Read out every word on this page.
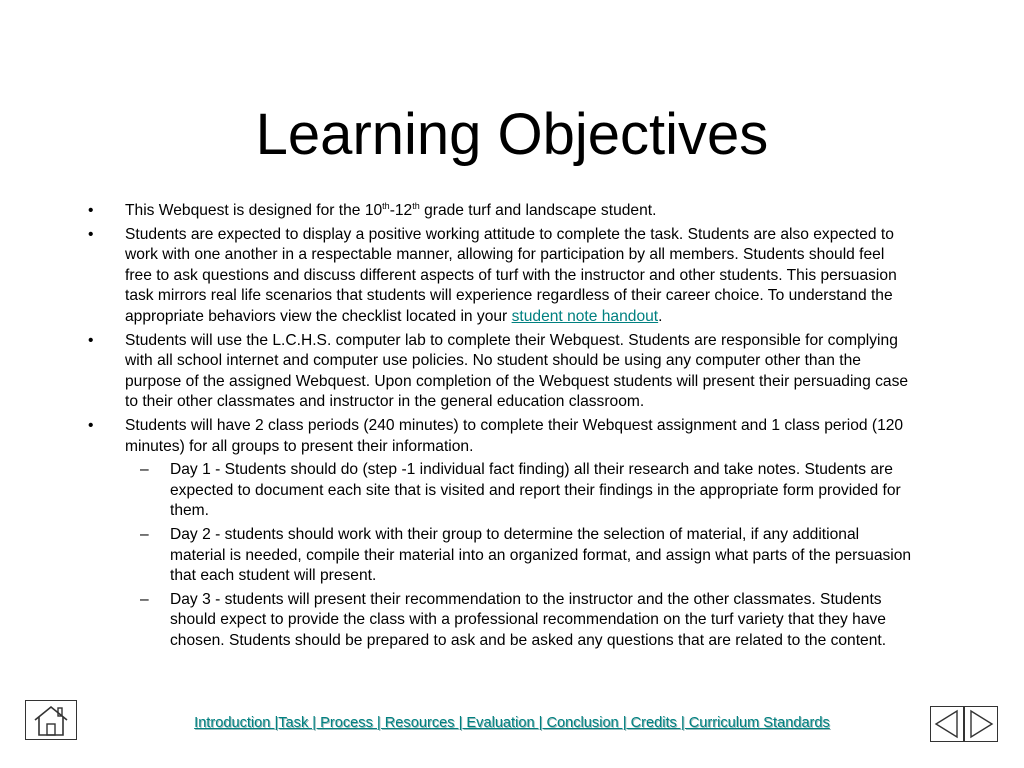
Learning Objectives
• This Webquest is designed for the 10th-12th grade turf and landscape student.
• Students are expected to display a positive working attitude to complete the task. Students are also expected to work with one another in a respectable manner, allowing for participation by all members. Students should feel free to ask questions and discuss different aspects of turf with the instructor and other students. This persuasion task mirrors real life scenarios that students will experience regardless of their career choice. To understand the appropriate behaviors view the checklist located in your student note handout.
• Students will use the L.C.H.S. computer lab to complete their Webquest. Students are responsible for complying with all school internet and computer use policies. No student should be using any computer other than the purpose of the assigned Webquest. Upon completion of the Webquest students will present their persuading case to their other classmates and instructor in the general education classroom.
• Students will have 2 class periods (240 minutes) to complete their Webquest assignment and 1 class period (120 minutes) for all groups to present their information.
– Day 1 - Students should do (step -1 individual fact finding) all their research and take notes. Students are expected to document each site that is visited and report their findings in the appropriate form provided for them.
– Day 2 - students should work with their group to determine the selection of material, if any additional material is needed, compile their material into an organized format, and assign what parts of the persuasion that each student will present.
– Day 3 - students will present their recommendation to the instructor and the other classmates. Students should expect to provide the class with a professional recommendation on the turf variety that they have chosen. Students should be prepared to ask and be asked any questions that are related to the content.
Introduction |Task | Process | Resources | Evaluation | Conclusion | Credits | Curriculum Standards
